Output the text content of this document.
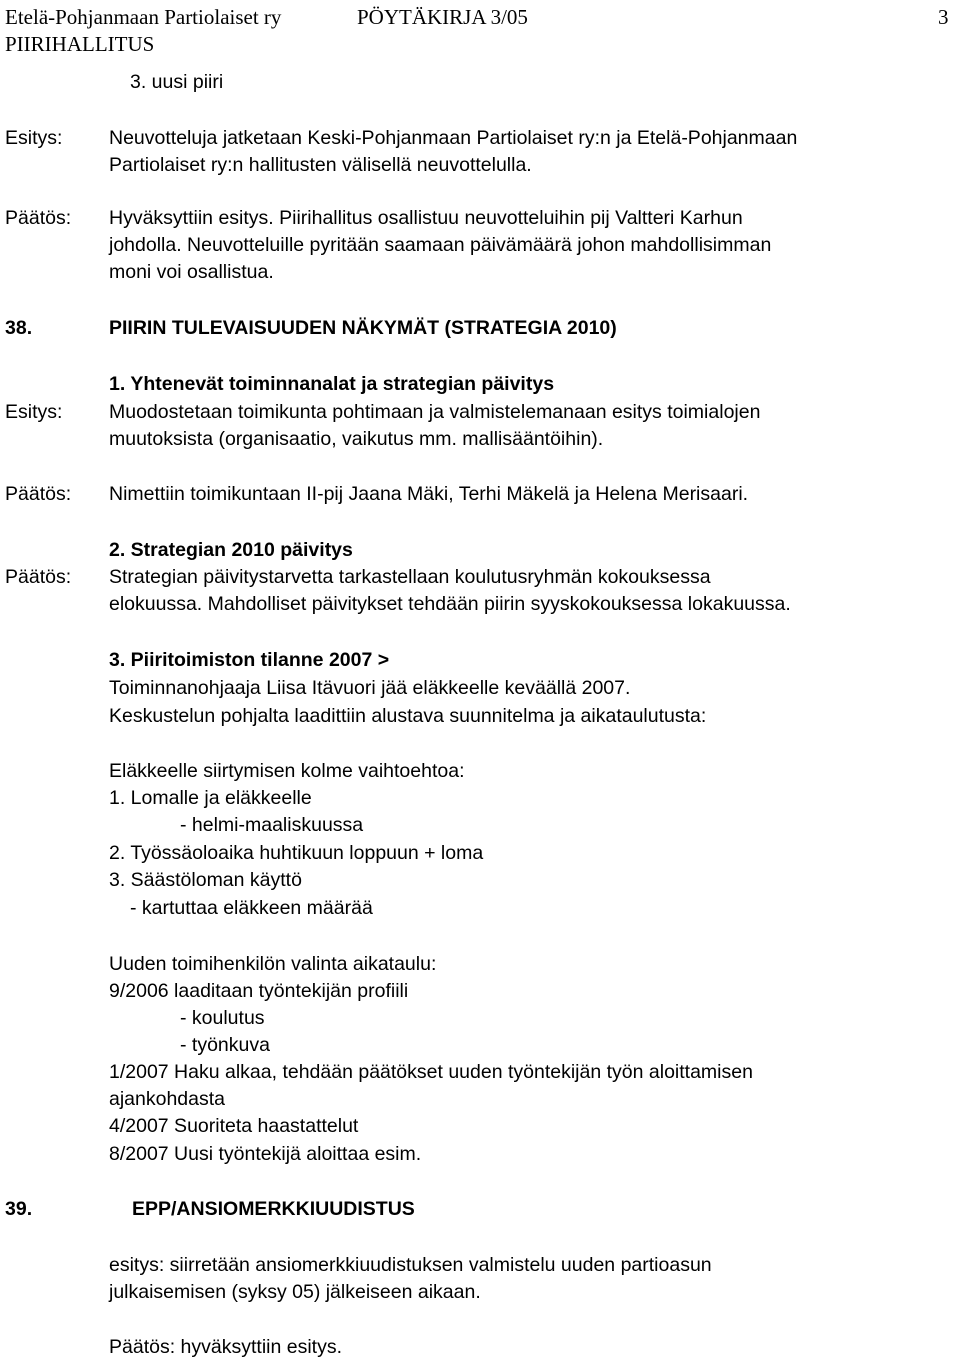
Etelä-Pohjanmaan Partiolaiset ry	PÖYTÄKIRJA 3/05	3
PIIRIHALLITUS
3. uusi piiri
Esitys: Neuvotteluja jatketaan Keski-Pohjanmaan Partiolaiset ry:n ja Etelä-Pohjanmaan
Partiolaiset ry:n hallitusten välisellä neuvottelulla.
Päätös: Hyväksyttiin esitys. Piirihallitus osallistuu neuvotteluihin pij Valtteri Karhun
johdolla. Neuvotteluille pyritään saamaan päivämäärä johon mahdollisimman
moni voi osallistua.
38.	PIIRIN TULEVAISUUDEN NÄKYMÄT (STRATEGIA 2010)
1. Yhtenevät toiminnanalat ja strategian päivitys
Esitys: Muodostetaan toimikunta pohtimaan ja valmistelemanaan esitys toimialojen
muutoksista (organisaatio, vaikutus mm. mallisääntöihin).
Päätös: Nimettiin toimikuntaan II-pij Jaana Mäki, Terhi Mäkelä ja Helena Merisaari.
2. Strategian 2010 päivitys
Päätös: Strategian päivitystarvetta tarkastellaan koulutusryhmän kokouksessa
elokuussa. Mahdolliset päivitykset tehdään piirin syyskokouksessa lokakuussa.
3. Piiritoimiston tilanne 2007 >
Toiminnanohjaaja Liisa Itävuori jää eläkkeelle keväällä 2007.
Keskustelun pohjalta laadittiin alustava suunnitelma ja aikataulutusta:
Eläkkeelle siirtymisen kolme vaihtoehtoa:
1. Lomalle ja eläkkeelle
- helmi-maaliskuussa
2. Työssäoloaika huhtikuun loppuun + loma
3. Säästöloman käyttö
- kartuttaa eläkkeen määrää
Uuden toimihenkilön valinta aikataulu:
9/2006 laaditaan työntekijän profiili
- koulutus
- työnkuva
1/2007 Haku alkaa, tehdään päätökset uuden työntekijän työn aloittamisen
ajankohdasta
4/2007 Suoriteta haastattelut
8/2007 Uusi työntekijä aloittaa esim.
39.	EPP/ANSIOMERKKIUUDISTUS
esitys: siirretään ansiomerkkiuudistuksen valmistelu uuden partioasun
julkaisemisen (syksy 05) jälkeiseen aikaan.
Päätös: hyväksyttiin esitys.
